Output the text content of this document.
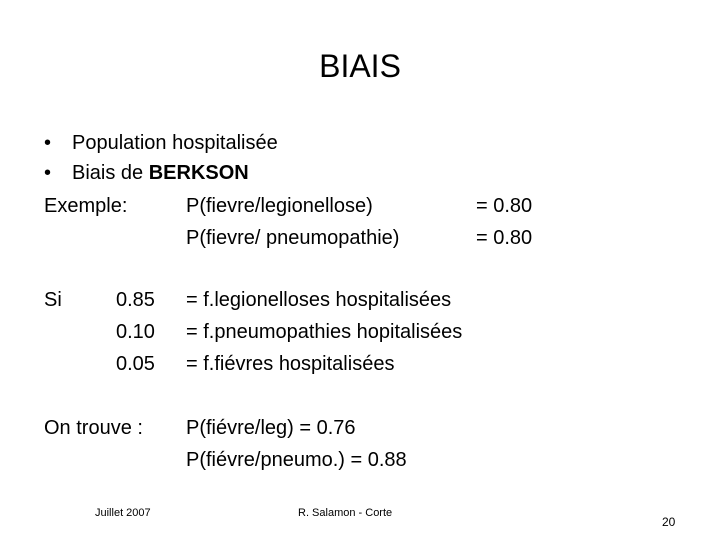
BIAIS
• Population hospitalisée
• Biais de BERKSON
Exemple:	P(fievre/legionellose)	= 0.80
P(fievre/ pneumopathie)	= 0.80
Si	0.85 = f.legionelloses hospitalisées
0.10 = f.pneumopathies hopitalisées
0.05 = f.fiévres hospitalisées
On trouve : P(fiévre/leg) = 0.76
P(fiévre/pneumo.) = 0.88
Juillet 2007	R. Salamon - Corte
20
